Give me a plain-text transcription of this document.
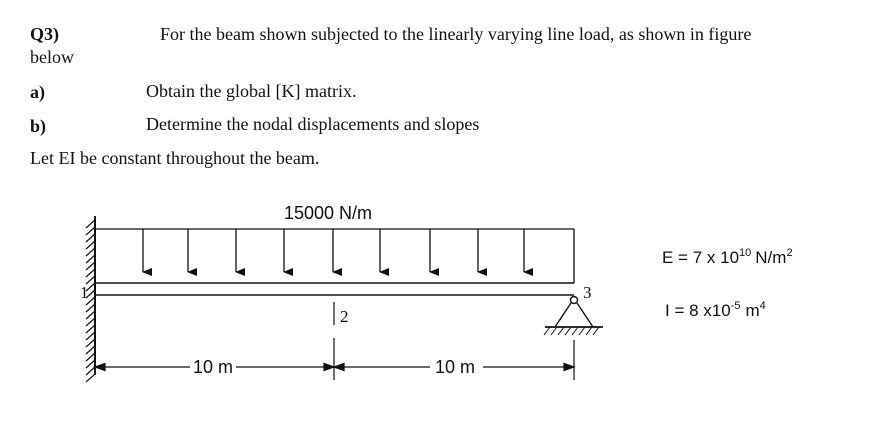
Q3)	For the beam shown subjected to the linearly varying line load, as shown in figure
below
a)	Obtain the global [K] matrix.
b)	Determine the nodal displacements and slopes
Let EI be constant throughout the beam.
15000 N/m
1
2
3
10 m	10 m
E = 7 x $10^{10}$ $N/m^2$
I = 8 $x10^{-5}$ $m^4$
